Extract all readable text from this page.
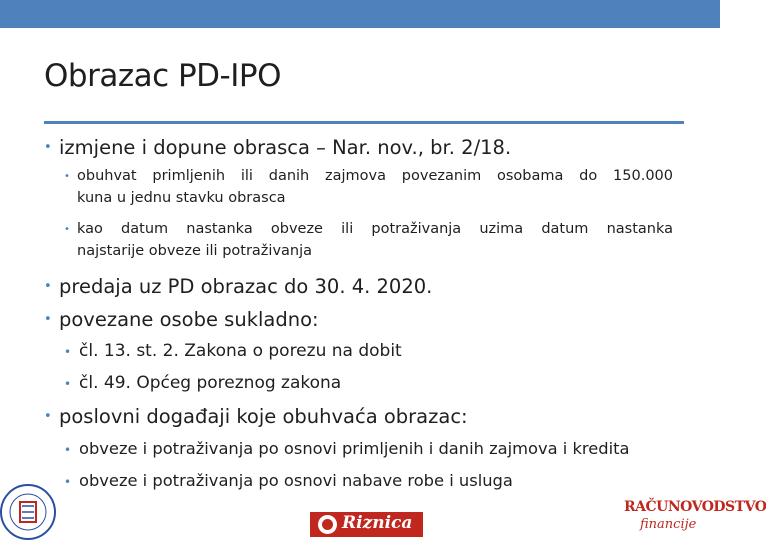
Obrazac PD-IPO
• izmjene i dopune obrasca – Nar. nov., br. 2/18.
• obuhvat primljenih ili danih zajmova povezanim osobama do 150.000
kuna u jednu stavku obrasca
• kao datum nastanka obveze ili potraživanja uzima datum nastanka
najstarije obveze ili potraživanja
• predaja uz PD obrazac do 30. 4. 2020.
• povezane osobe sukladno:
• čl. 13. st. 2. Zakona o porezu na dobit
• čl. 49. Općeg poreznog zakona
• poslovni događaji koje obuhvaća obrazac:
• obveze i potraživanja po osnovi primljenih i danih zajmova i kredita
• obveze i potraživanja po osnovi nabave robe i usluga
Riznica
RAČUNOVODSTVO
financije
